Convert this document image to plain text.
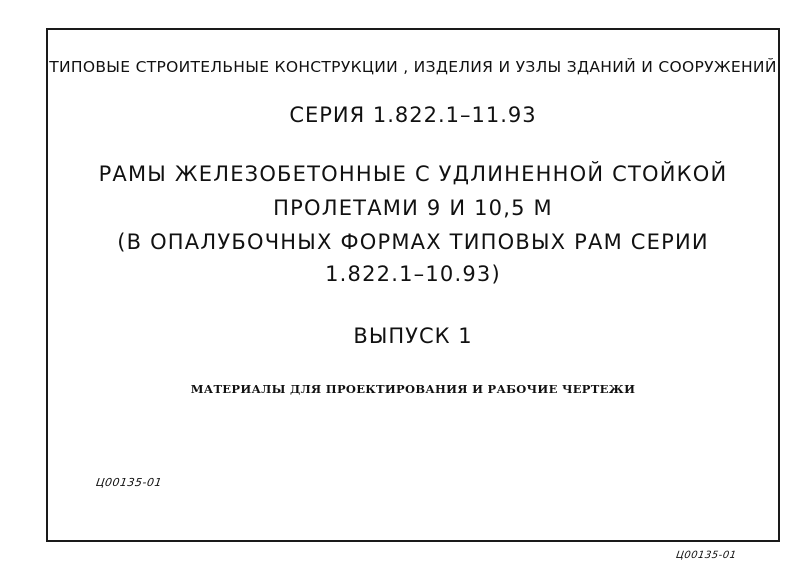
ТИПОВЫЕ СТРОИТЕЛЬНЫЕ КОНСТРУКЦИИ , ИЗДЕЛИЯ И УЗЛЫ ЗДАНИЙ И СООРУЖЕНИЙ
СЕРИЯ 1.822.1–11.93
РАМЫ ЖЕЛЕЗОБЕТОННЫЕ С УДЛИНЕННОЙ СТОЙКОЙ
ПРОЛЕТАМИ 9 И 10,5 М
(В ОПАЛУБОЧНЫХ ФОРМАХ ТИПОВЫХ РАМ СЕРИИ
1.822.1–10.93)
ВЫПУСК 1
МАТЕРИАЛЫ ДЛЯ ПРОЕКТИРОВАНИЯ И РАБОЧИЕ ЧЕРТЕЖИ
Ц00135-01
Ц00135-01
